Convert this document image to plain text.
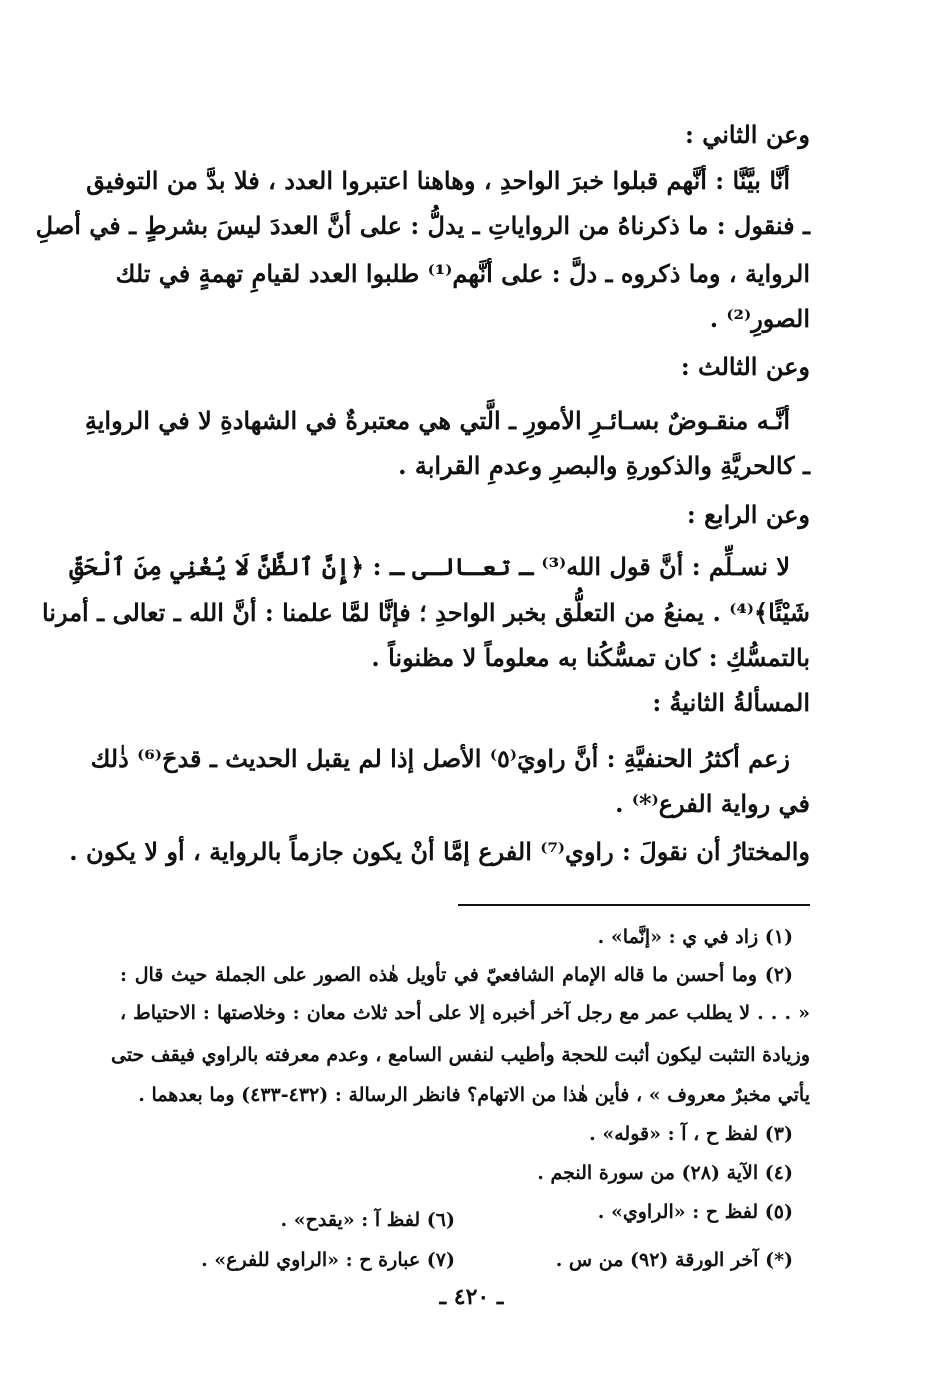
وعن الثاني :
أنَّا بيَّنَّا : أنَّهم قبلوا خبرَ الواحدِ ، وهاهنا اعتبروا العدد ، فلا بدَّ من التوفيق
ـ فنقول : ما ذكرناهُ من الرواياتِ ـ يدلُّ : على أنَّ العددَ ليسَ بشرطٍ ـ في أصلِ
الرواية ، وما ذكروه ـ دلَّ : على أنَّهم⁽¹⁾ طلبوا العدد لقيامِ تهمةٍ في تلك
الصورِ⁽²⁾ .
وعن الثالث :
أنَّـه منقـوضٌ بسـائـرِ الأمورِ ـ الَّتي هي معتبرةٌ في الشهادةِ لا في الروايةِ
ـ كالحريَّةِ والذكورةِ والبصرِ وعدمِ القرابة .
وعن الرابع :
لا نسـلِّم : أنَّ قول الله⁽³⁾ ـ تعـالـى ـ : ﴿إِنَّ ٱلظَّنَّ لَا يُغْنِي مِنَ ٱلْحَقِّ
شَيْئًا﴾⁽⁴⁾ . يمنعُ من التعلُّق بخبر الواحدِ ؛ فإنَّا لمَّا علمنا : أنَّ الله ـ تعالى ـ أمرنا
بالتمسُّكِ : كان تمسُّكُنا به معلوماً لا مظنوناً .
المسألةُ الثانيةُ :
زعم أكثرُ الحنفيَّةِ : أنَّ راويَ⁽٥⁾ الأصل إذا لم يقبل الحديث ـ قدحَ⁽⁶⁾ ذٰلك
في رواية الفرع⁽*⁾ .
والمختارُ أن نقولَ : راوي⁽⁷⁾ الفرع إمَّا أنْ يكون جازماً بالرواية ، أو لا يكون .
(١) زاد في ي : «إنَّما» .
(٢) وما أحسن ما قاله الإمام الشافعيّ في تأويل هٰذه الصور على الجملة حيث قال :
« . . . لا يطلب عمر مع رجل آخر أخبره إلا على أحد ثلاث معان : وخلاصتها : الاحتياط ،
وزيادة التثبت ليكون أثبت للحجة وأطيب لنفس السامع ، وعدم معرفته بالراوي فيقف حتى
يأتي مخبرٌ معروف » ، فأين هٰذا من الاتهام؟ فانظر الرسالة : (٤٣٢-٤٣٣) وما بعدهما .
(٣) لفظ ح ، آ : «قوله» .
(٤) الآية (٢٨) من سورة النجم .
(٥) لفظ ح : «الراوي» .
(٦) لفظ آ : «يقدح» .
(*) آخر الورقة (٩٢) من س .
(٧) عبارة ح : «الراوي للفرع» .
ـ ٤٢٠ ـ
